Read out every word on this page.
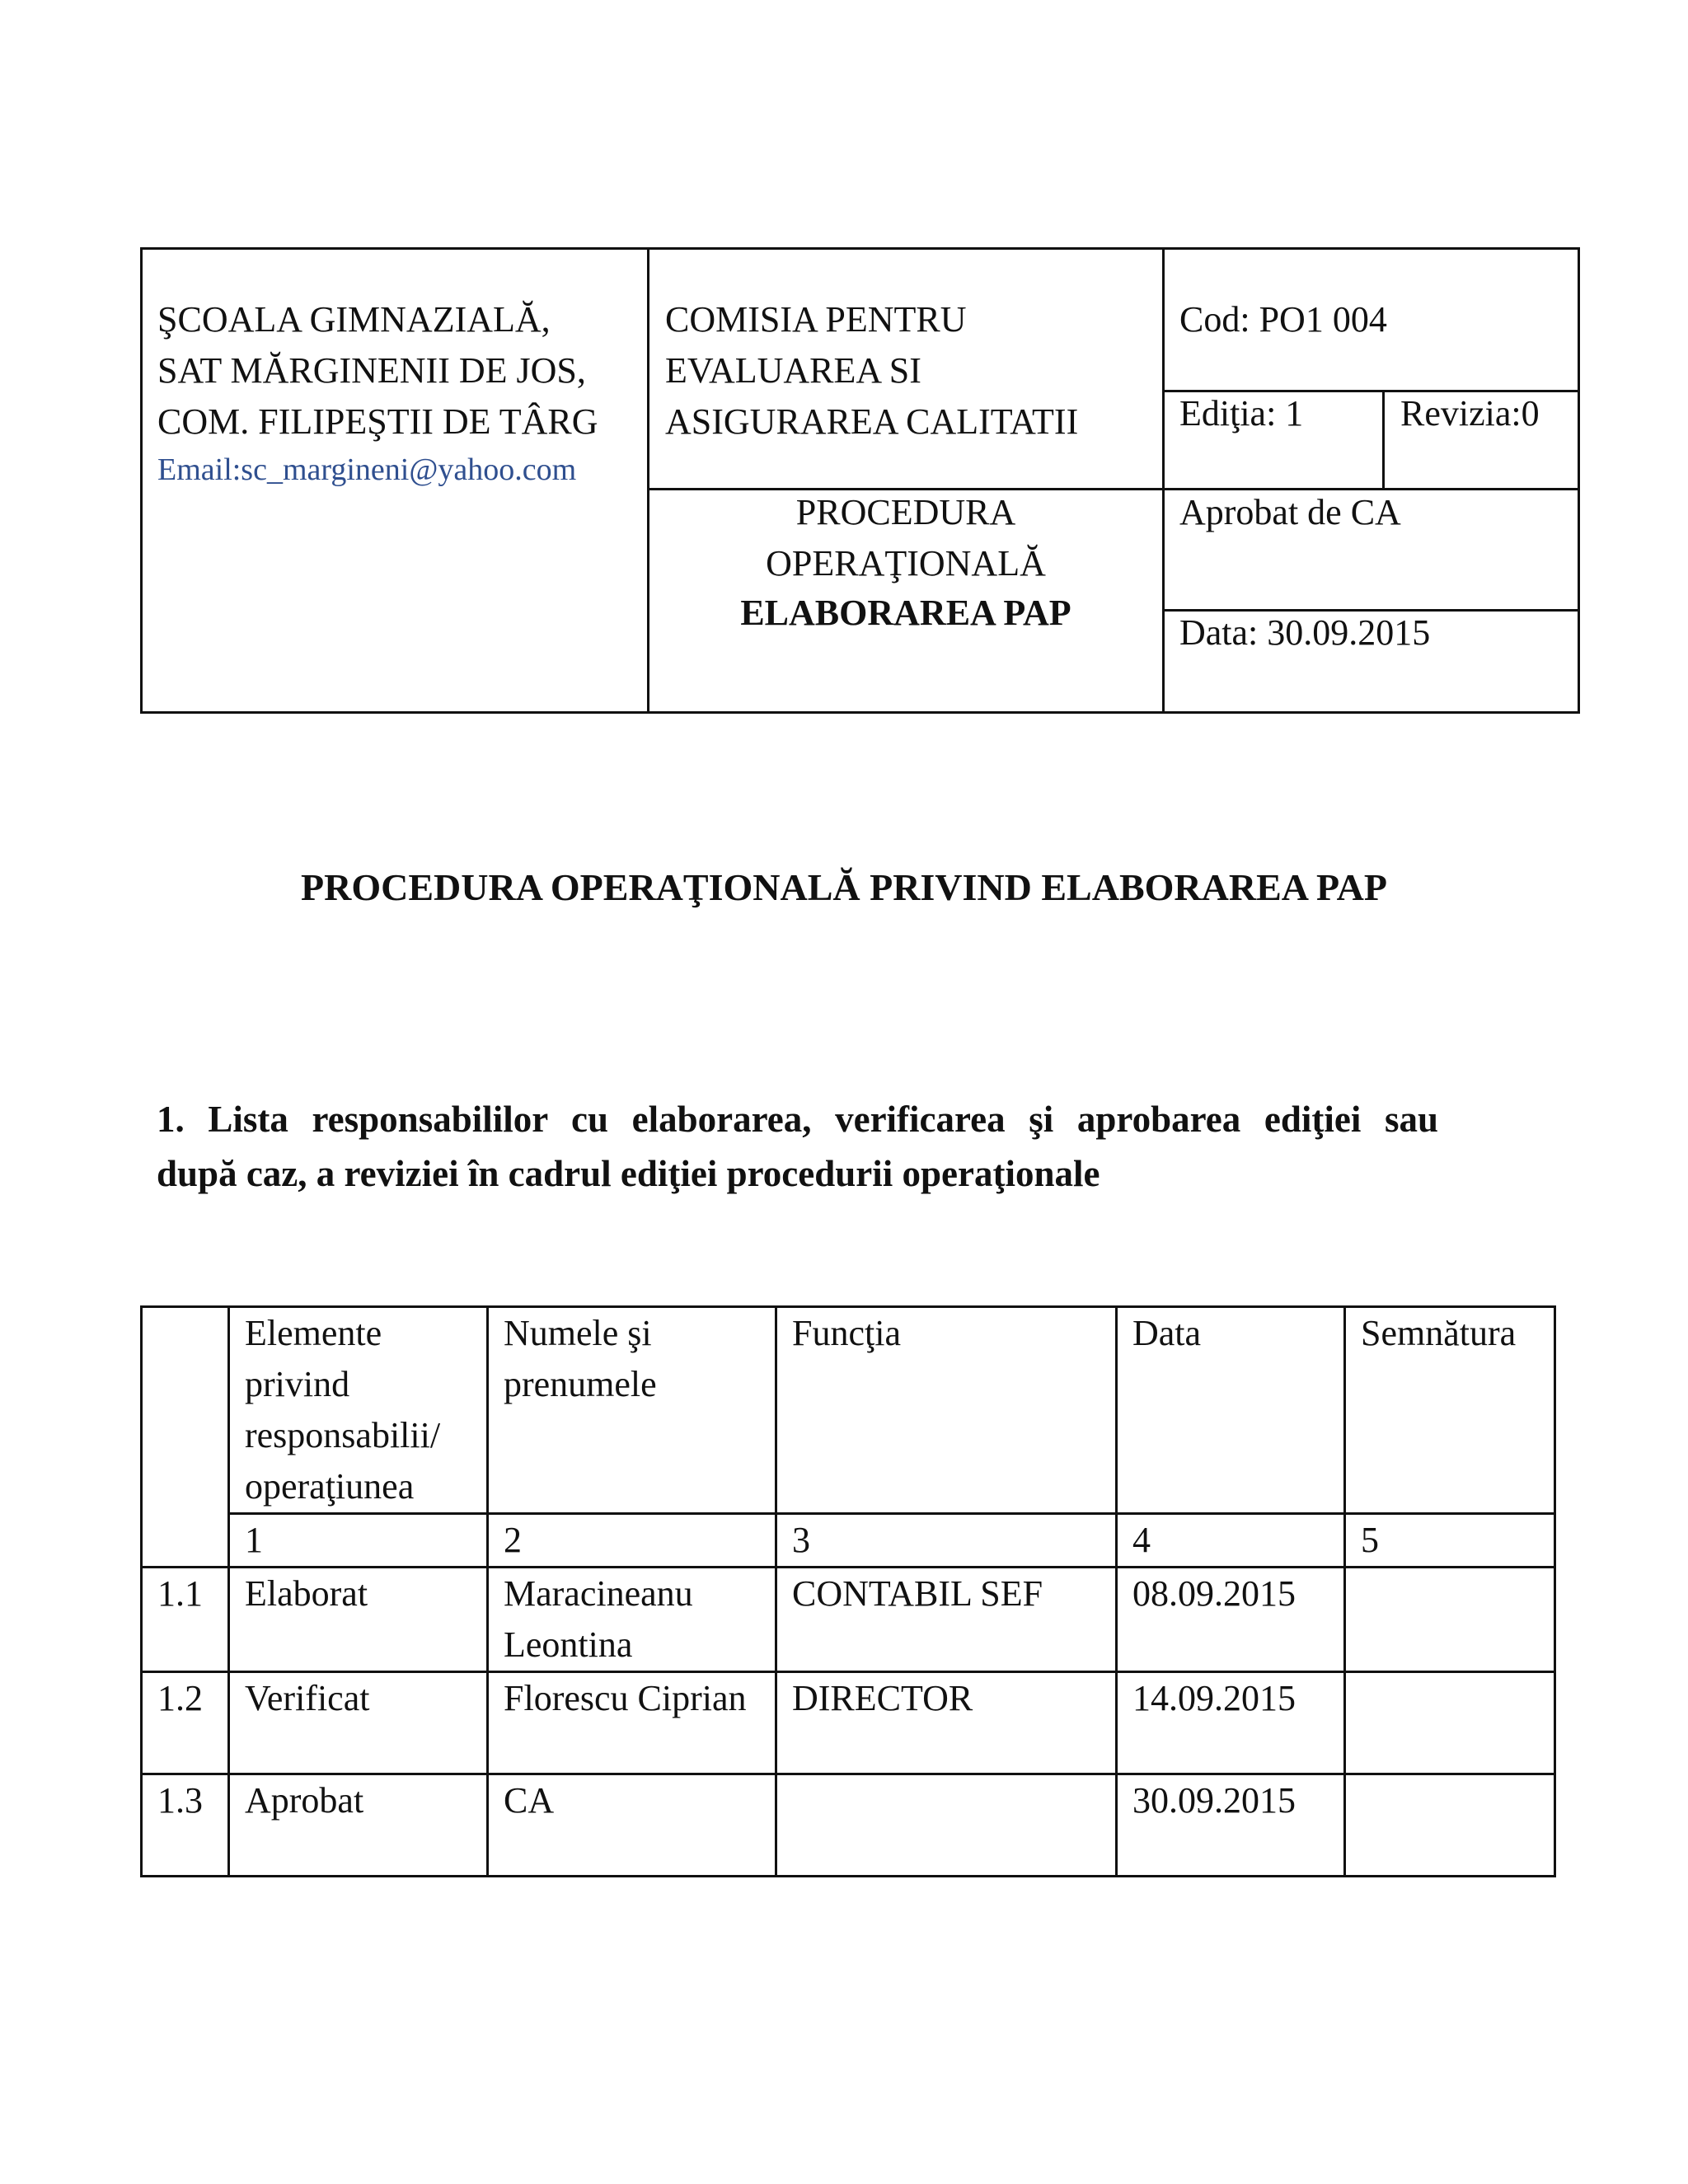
ŞCOALA GIMNAZIALĂ,
SAT MĂRGINENII DE JOS,
COM. FILIPEŞTII DE TÂRG
Email:sc_margineni@yahoo.com
COMISIA PENTRU
EVALUAREA SI
ASIGURAREA CALITATII
PROCEDURA
OPERAŢIONALĂ
ELABORAREA PAP
Cod: PO1 004
Ediţia: 1	Revizia:0
Aprobat de CA
Data: 30.09.2015
PROCEDURA OPERAŢIONALĂ PRIVIND ELABORAREA PAP
1. Lista responsabililor cu elaborarea, verificarea şi aprobarea ediţiei sau
după caz, a reviziei în cadrul ediţiei procedurii operaţionale
	Elemente privind responsabilii/ operaţiunea	Numele şi prenumele	Funcţia	Data	Semnătura
	1	2	3	4	5
1.1	Elaborat	Maracineanu Leontina	CONTABIL SEF	08.09.2015	
1.2	Verificat	Florescu Ciprian	DIRECTOR	14.09.2015	
1.3	Aprobat	CA		30.09.2015	
